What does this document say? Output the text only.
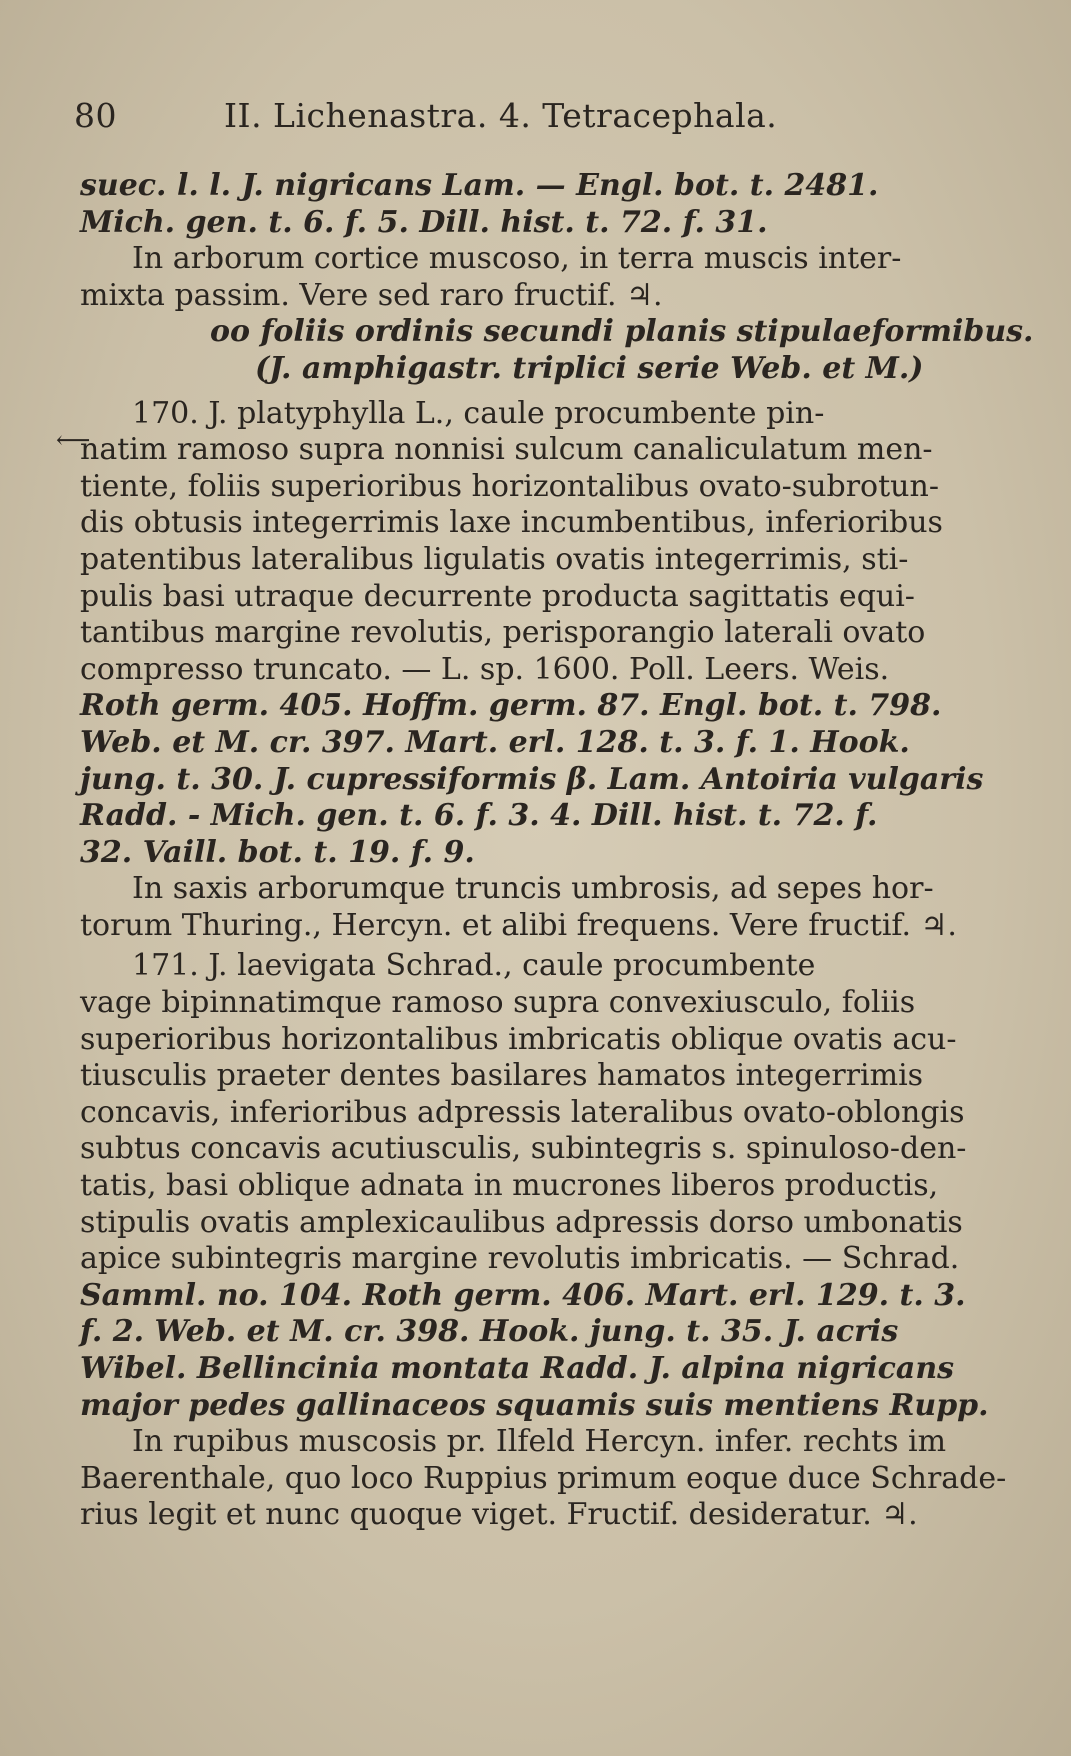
80	II. Lichenastra. 4. Tetracephala.
⟵
suec. l. l. J. nigricans Lam. — Engl. bot. t. 2481.
Mich. gen. t. 6. f. 5. Dill. hist. t. 72. f. 31.
In arborum cortice muscoso, in terra muscis inter-
mixta passim. Vere sed raro fructif. ♃.
oo foliis ordinis secundi planis stipulaeformibus.
(J. amphigastr. triplici serie Web. et M.)
170. J. platyphylla L., caule procumbente pin-
natim ramoso supra nonnisi sulcum canaliculatum men-
tiente, foliis superioribus horizontalibus ovato-subrotun-
dis obtusis integerrimis laxe incumbentibus, inferioribus
patentibus lateralibus ligulatis ovatis integerrimis, sti-
pulis basi utraque decurrente producta sagittatis equi-
tantibus margine revolutis, perisporangio laterali ovato
compresso truncato. — L. sp. 1600. Poll. Leers. Weis.
Roth germ. 405. Hoffm. germ. 87. Engl. bot. t. 798.
Web. et M. cr. 397. Mart. erl. 128. t. 3. f. 1. Hook.
jung. t. 30. J. cupressiformis β. Lam. Antoiria vulgaris
Radd. - Mich. gen. t. 6. f. 3. 4. Dill. hist. t. 72. f.
32. Vaill. bot. t. 19. f. 9.
In saxis arborumque truncis umbrosis, ad sepes hor-
torum Thuring., Hercyn. et alibi frequens. Vere fructif. ♃.
171. J. laevigata Schrad., caule procumbente
vage bipinnatimque ramoso supra convexiusculo, foliis
superioribus horizontalibus imbricatis oblique ovatis acu-
tiusculis praeter dentes basilares hamatos integerrimis
concavis, inferioribus adpressis lateralibus ovato-oblongis
subtus concavis acutiusculis, subintegris s. spinuloso-den-
tatis, basi oblique adnata in mucrones liberos productis,
stipulis ovatis amplexicaulibus adpressis dorso umbonatis
apice subintegris margine revolutis imbricatis. — Schrad.
Samml. no. 104. Roth germ. 406. Mart. erl. 129. t. 3.
f. 2. Web. et M. cr. 398. Hook. jung. t. 35. J. acris
Wibel. Bellincinia montata Radd. J. alpina nigricans
major pedes gallinaceos squamis suis mentiens Rupp.
In rupibus muscosis pr. Ilfeld Hercyn. infer. rechts im
Baerenthale, quo loco Ruppius primum eoque duce Schrade-
rius legit et nunc quoque viget. Fructif. desideratur. ♃.
